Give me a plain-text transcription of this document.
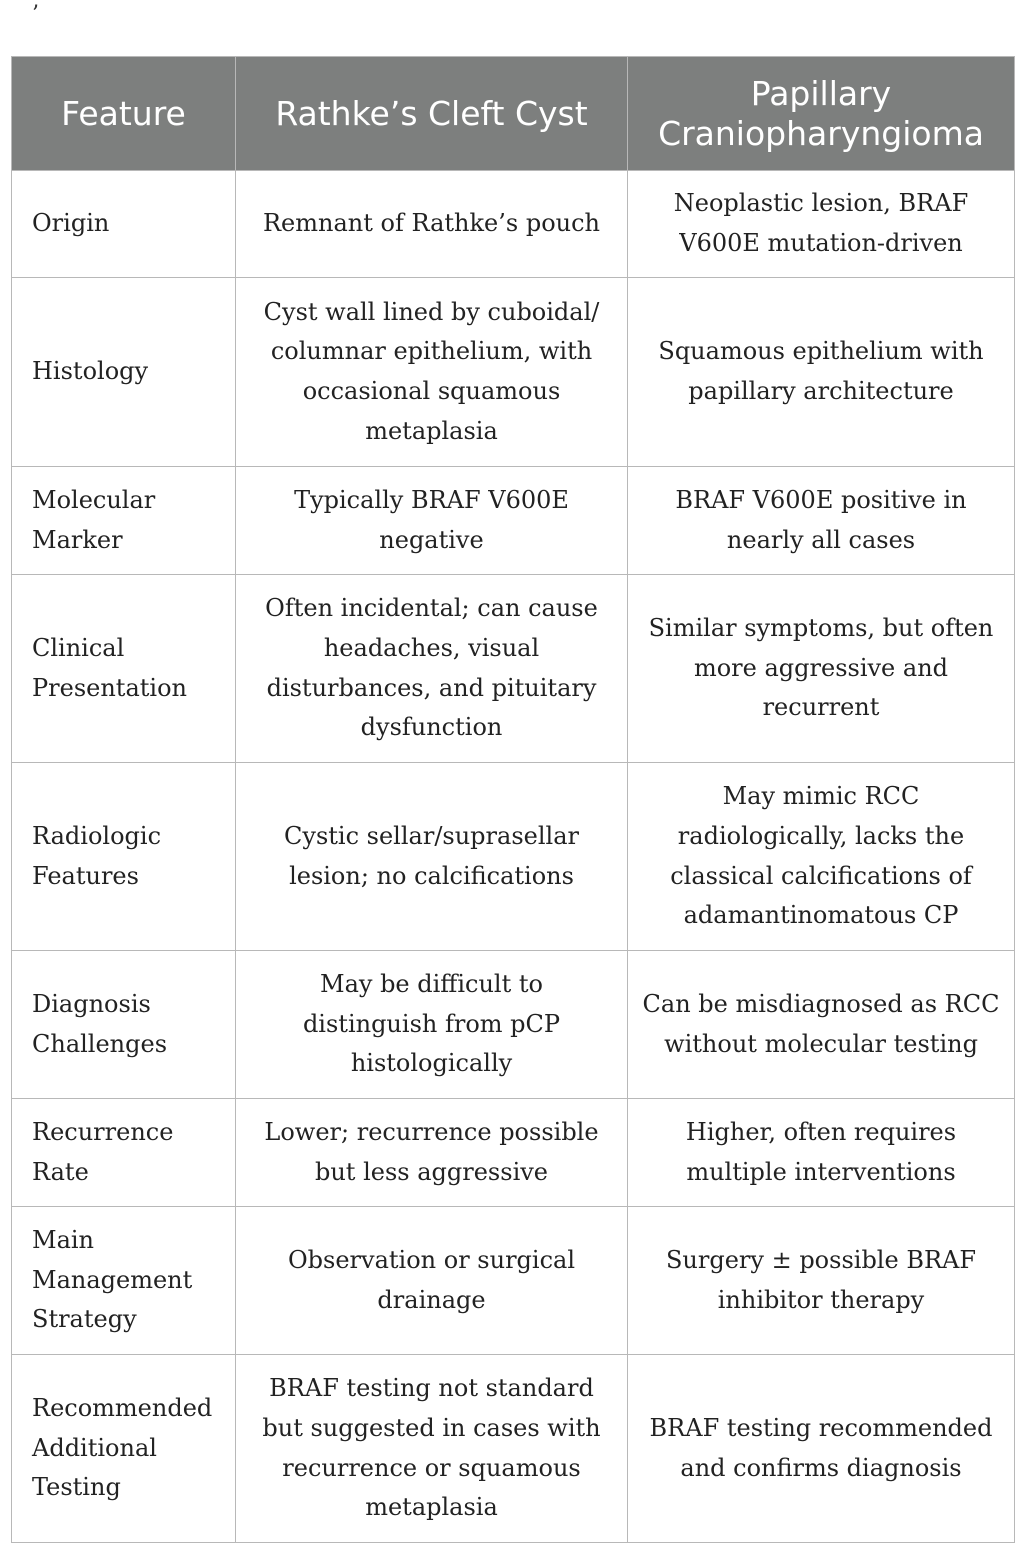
’
Feature	Rathke’s Cleft Cyst	Papillary Craniopharyngioma
Origin	Remnant of Rathke’s pouch	Neoplastic lesion, BRAF V600E mutation-driven
Histology	Cyst wall lined by cuboidal/ columnar epithelium, with occasional squamous metaplasia	Squamous epithelium with papillary architecture
Molecular Marker	Typically BRAF V600E negative	BRAF V600E positive in nearly all cases
Clinical Presentation	Often incidental; can cause headaches, visual disturbances, and pituitary dysfunction	Similar symptoms, but often more aggressive and recurrent
Radiologic Features	Cystic sellar/suprasellar lesion; no calcifications	May mimic RCC radiologically, lacks the classical calcifications of adamantinomatous CP
Diagnosis Challenges	May be difficult to distinguish from pCP histologically	Can be misdiagnosed as RCC without molecular testing
Recurrence Rate	Lower; recurrence possible but less aggressive	Higher, often requires multiple interventions
Main Management Strategy	Observation or surgical drainage	Surgery ± possible BRAF inhibitor therapy
Recommended Additional Testing	BRAF testing not standard but suggested in cases with recurrence or squamous metaplasia	BRAF testing recommended and confirms diagnosis
